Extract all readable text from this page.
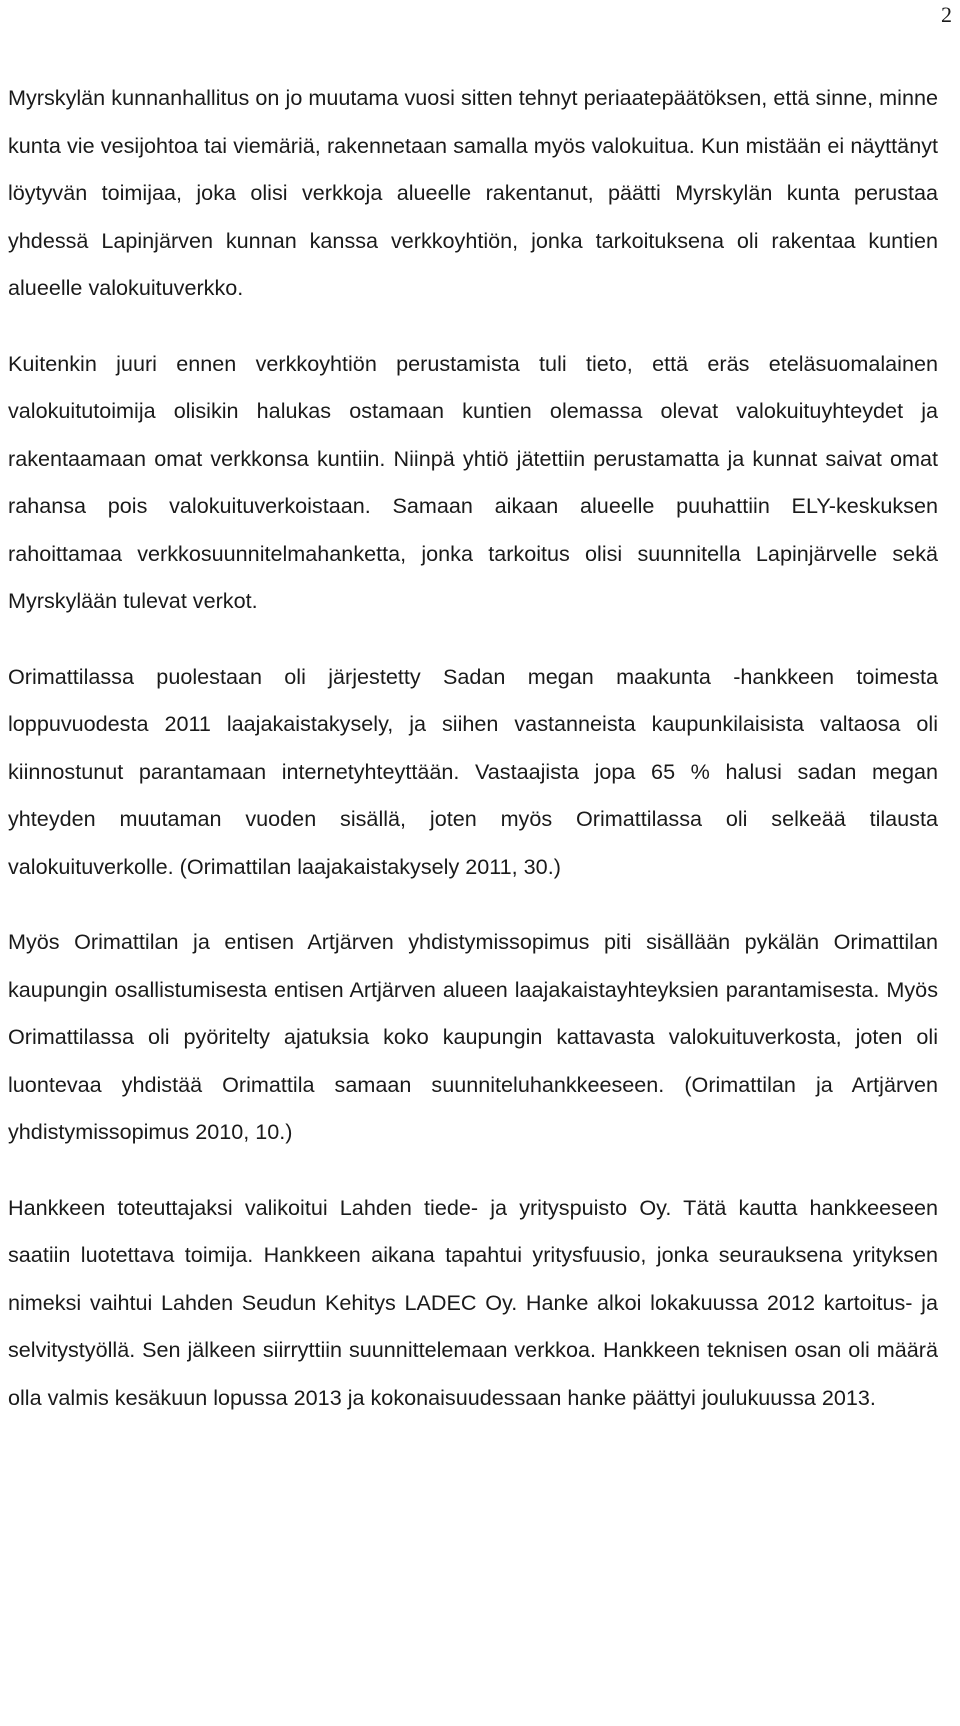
2

Myrskylän kunnanhallitus on jo muutama vuosi sitten tehnyt periaatepäätöksen, että sinne, minne kunta vie vesijohtoa tai viemäriä, rakennetaan samalla myös valokuitua. Kun mistään ei näyttänyt löytyvän toimijaa, joka olisi verkkoja alueelle rakentanut, päätti Myrskylän kunta perustaa yhdessä Lapinjärven kunnan kanssa verkkoyhtiön, jonka tarkoituksena oli rakentaa kuntien alueelle valokuituverkko.

Kuitenkin juuri ennen verkkoyhtiön perustamista tuli tieto, että eräs eteläsuomalainen valokuitutoimija olisikin halukas ostamaan kuntien olemassa olevat valokuituyhteydet ja rakentaamaan omat verkkonsa kuntiin. Niinpä yhtiö jätettiin perustamatta ja kunnat saivat omat rahansa pois valokuituverkoistaan. Samaan aikaan alueelle puuhattiin ELY-keskuksen rahoittamaa verkkosuunnitelmahanketta, jonka tarkoitus olisi suunnitella Lapinjärvelle sekä Myrskylään tulevat verkot.

Orimattilassa puolestaan oli järjestetty Sadan megan maakunta -hankkeen toimesta loppuvuodesta 2011 laajakaistakysely, ja siihen vastanneista kaupunkilaisista valtaosa oli kiinnostunut parantamaan internetyhteyttään. Vastaajista jopa 65 % halusi sadan megan yhteyden muutaman vuoden sisällä, joten myös Orimattilassa oli selkeää tilausta valokuituverkolle. (Orimattilan laajakaistakysely 2011, 30.)

Myös Orimattilan ja entisen Artjärven yhdistymissopimus piti sisällään pykälän Orimattilan kaupungin osallistumisesta entisen Artjärven alueen laajakaistayhteyksien parantamisesta. Myös Orimattilassa oli pyöritelty ajatuksia koko kaupungin kattavasta valokuituverkosta, joten oli luontevaa yhdistää Orimattila samaan suunniteluhankkeeseen. (Orimattilan ja Artjärven yhdistymissopimus 2010, 10.)

Hankkeen toteuttajaksi valikoitui Lahden tiede- ja yrityspuisto Oy. Tätä kautta hankkeeseen saatiin luotettava toimija. Hankkeen aikana tapahtui yritysfuusio, jonka seurauksena yrityksen nimeksi vaihtui Lahden Seudun Kehitys LADEC Oy. Hanke alkoi lokakuussa 2012 kartoitus- ja selvitystyöllä. Sen jälkeen siirryttiin suunnittelemaan verkkoa. Hankkeen teknisen osan oli määrä olla valmis kesäkuun lopussa 2013 ja kokonaisuudessaan hanke päättyi joulukuussa 2013.
